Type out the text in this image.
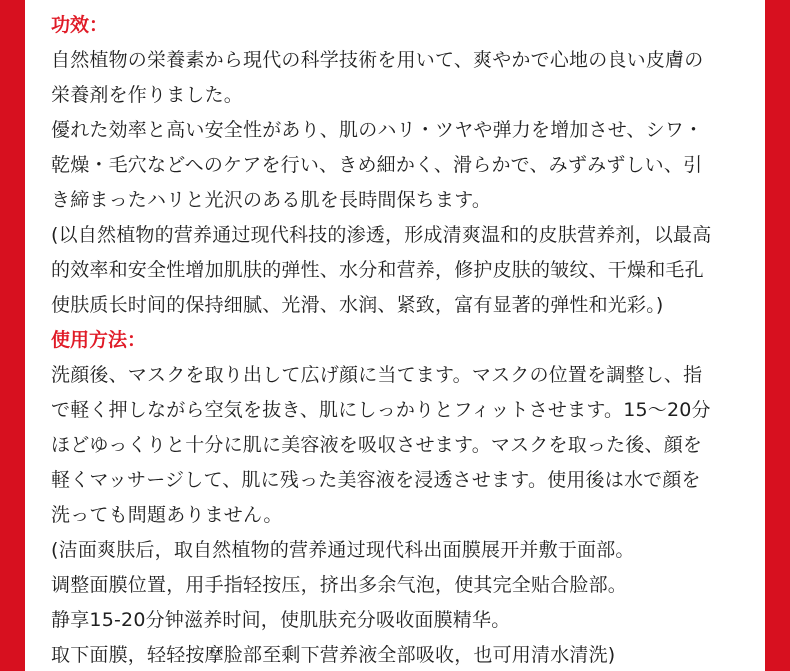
功效：
自然植物の栄養素から現代の科学技術を用いて、爽やかで心地の良い皮膚の
栄養剤を作りました。
優れた効率と高い安全性があり、肌のハリ・ツヤや弹力を增加させ、シワ・
乾燥・毛穴などへのケアを行い、きめ細かく、滑らかで、みずみずしい、引
き締まったハリと光沢のある肌を長時間保ちます。
(以自然植物的营养通过现代科技的渗透，形成清爽温和的皮肤营养剂，以最高
的效率和安全性增加肌肤的弹性、水分和营养，修护皮肤的皱纹、干燥和毛孔
使肤质长时间的保持细腻、光滑、水润、紧致，富有显著的弹性和光彩。)
使用方法：
洗顔後、マスクを取り出して広げ顔に当てます。マスクの位置を調整し、指
で軽く押しながら空気を抜き、肌にしっかりとフィットさせます。15～20分
ほどゆっくりと十分に肌に美容液を吸収させます。マスクを取った後、顔を
軽くマッサージして、肌に残った美容液を浸透させます。使用後は水で顔を
洗っても問題ありません。
(洁面爽肤后，取自然植物的营养通过现代科出面膜展开并敷于面部。
调整面膜位置，用手指轻按压，挤出多余气泡，使其完全贴合脸部。
静享15-20分钟滋养时间，使肌肤充分吸收面膜精华。
取下面膜，轻轻按摩脸部至剩下营养液全部吸收，也可用清水清洗)
